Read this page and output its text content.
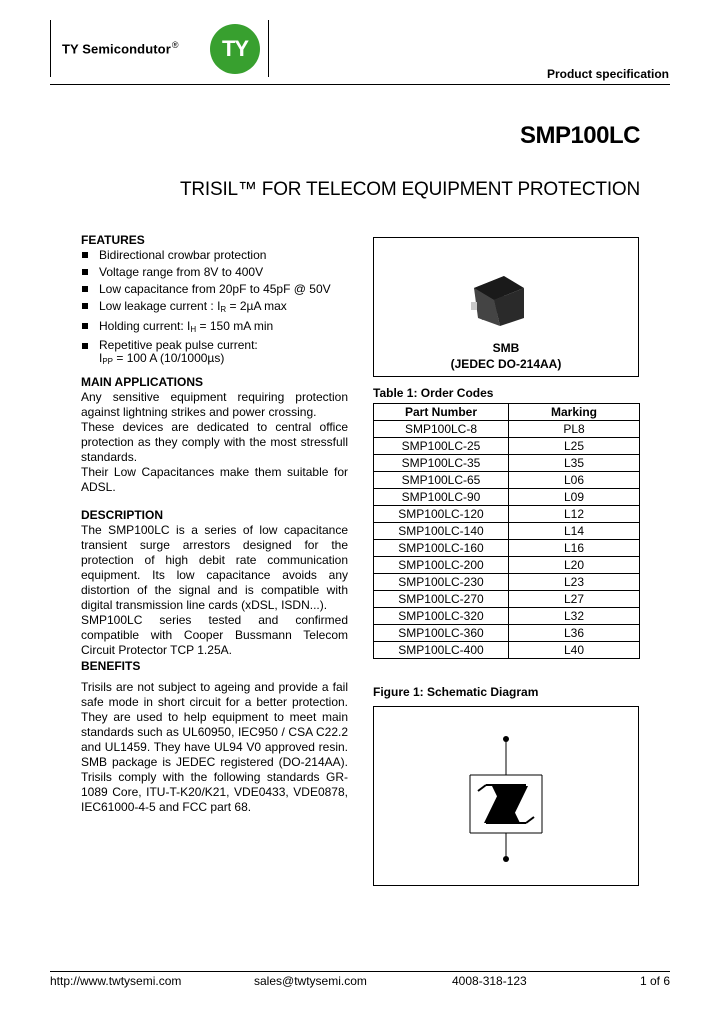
TY Semicondutor®	TY
Product specification
SMP100LC
TRISIL™ FOR TELECOM EQUIPMENT PROTECTION

FEATURES

Bidirectional crowbar protection
Voltage range from 8V to 400V
Low capacitance from 20pF to 45pF @ 50V
Low leakage current : $I_R = 2\mu A$ max
Holding current: $I_H = 150$ mA min
Repetitive peak pulse current:
$I_{PP} = 100$ A (10/1000µs)

MAIN APPLICATIONS

Any sensitive equipment requiring protection against lightning strikes and power crossing.

These devices are dedicated to central office protection as they comply with the most stressfull standards.

Their Low Capacitances make them suitable for ADSL.

DESCRIPTION

The SMP100LC is a series of low capacitance transient surge arrestors designed for the protection of high debit rate communication equipment. Its low capacitance avoids any distortion of the signal and is compatible with digital transmission line cards (xDSL, ISDN...).

SMP100LC series tested and confirmed compatible with Cooper Bussmann Telecom Circuit Protector TCP 1.25A.

BENEFITS

Trisils are not subject to ageing and provide a fail safe mode in short circuit for a better protection. They are used to help equipment to meet main standards such as UL60950, IEC950 / CSA C22.2 and UL1459. They have UL94 V0 approved resin. SMB package is JEDEC registered (DO-214AA). Trisils comply with the following standards GR-1089 Core, ITU-T-K20/K21, VDE0433, VDE0878, IEC61000-4-5 and FCC part 68.

SMB
(JEDEC DO-214AA)
Table 1: Order Codes
Part Number	Marking
SMP100LC-8	PL8
SMP100LC-25	L25
SMP100LC-35	L35
SMP100LC-65	L06
SMP100LC-90	L09
SMP100LC-120	L12
SMP100LC-140	L14
SMP100LC-160	L16
SMP100LC-200	L20
SMP100LC-230	L23
SMP100LC-270	L27
SMP100LC-320	L32
SMP100LC-360	L36
SMP100LC-400	L40
Figure 1: Schematic Diagram
http://www.twtysemi.com	sales@twtysemi.com	4008-318-123	1 of 6
